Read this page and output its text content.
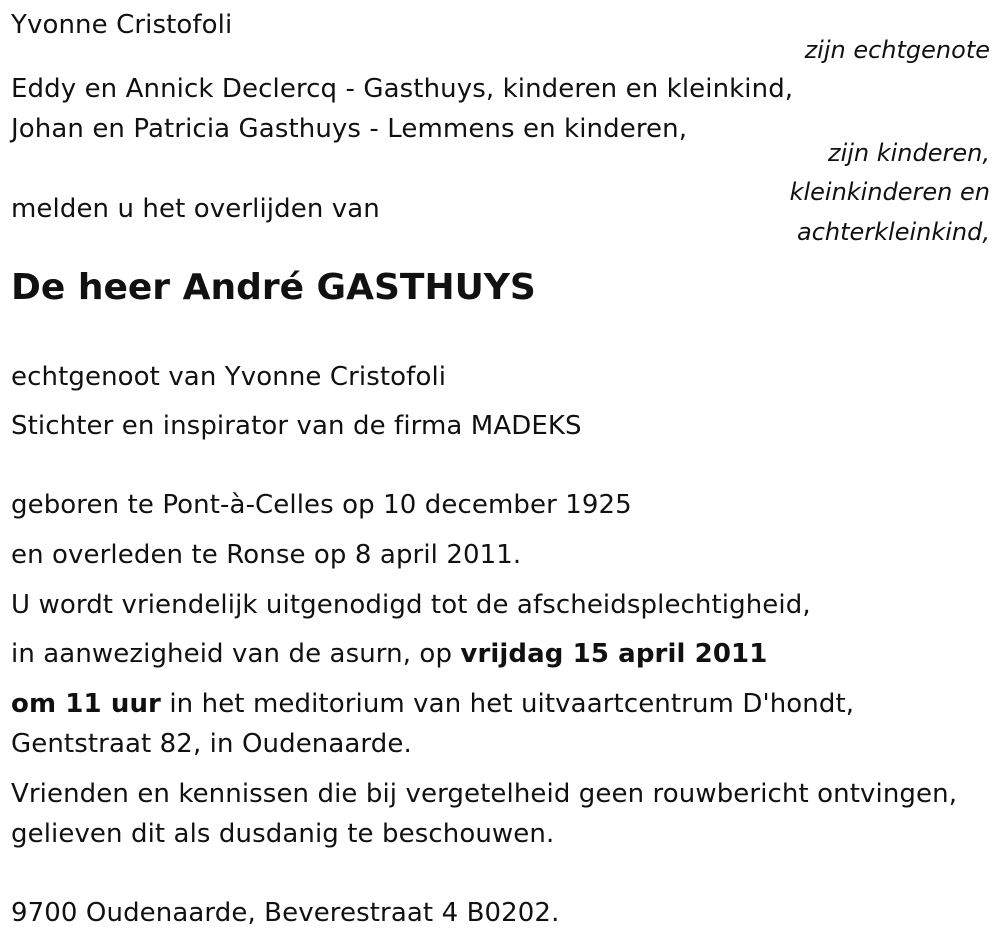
Yvonne Cristofoli
zijn echtgenote
Eddy en Annick Declercq - Gasthuys, kinderen en kleinkind,
Johan en Patricia Gasthuys - Lemmens en kinderen,
zijn kinderen,
kleinkinderen en
achterkleinkind,
melden u het overlijden van
De heer André GASTHUYS
echtgenoot van Yvonne Cristofoli
Stichter en inspirator van de firma MADEKS
geboren te Pont-à-Celles op 10 december 1925
en overleden te Ronse op 8 april 2011.
U wordt vriendelijk uitgenodigd tot de afscheidsplechtigheid,
in aanwezigheid van de asurn, op vrijdag 15 april 2011
om 11 uur in het meditorium van het uitvaartcentrum D'hondt,
Gentstraat 82, in Oudenaarde.
Vrienden en kennissen die bij vergetelheid geen rouwbericht ontvingen,
gelieven dit als dusdanig te beschouwen.
9700 Oudenaarde, Beverestraat 4 B0202.
